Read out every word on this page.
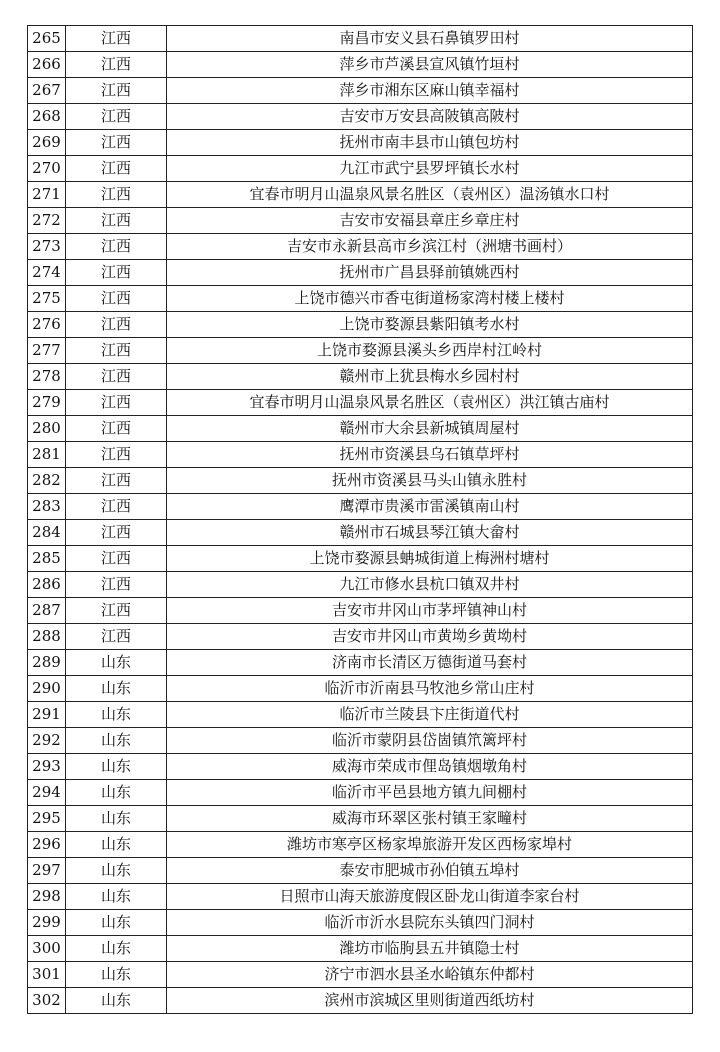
265	江西	南昌市安义县石鼻镇罗田村
266	江西	萍乡市芦溪县宣风镇竹垣村
267	江西	萍乡市湘东区麻山镇幸福村
268	江西	吉安市万安县高陂镇高陂村
269	江西	抚州市南丰县市山镇包坊村
270	江西	九江市武宁县罗坪镇长水村
271	江西	宜春市明月山温泉风景名胜区（袁州区）温汤镇水口村
272	江西	吉安市安福县章庄乡章庄村
273	江西	吉安市永新县高市乡滨江村（洲塘书画村）
274	江西	抚州市广昌县驿前镇姚西村
275	江西	上饶市德兴市香屯街道杨家湾村楼上楼村
276	江西	上饶市婺源县紫阳镇考水村
277	江西	上饶市婺源县溪头乡西岸村江岭村
278	江西	赣州市上犹县梅水乡园村村
279	江西	宜春市明月山温泉风景名胜区（袁州区）洪江镇古庙村
280	江西	赣州市大余县新城镇周屋村
281	江西	抚州市资溪县乌石镇草坪村
282	江西	抚州市资溪县马头山镇永胜村
283	江西	鹰潭市贵溪市雷溪镇南山村
284	江西	赣州市石城县琴江镇大畲村
285	江西	上饶市婺源县蚺城街道上梅洲村塘村
286	江西	九江市修水县杭口镇双井村
287	江西	吉安市井冈山市茅坪镇神山村
288	江西	吉安市井冈山市黄坳乡黄坳村
289	山东	济南市长清区万德街道马套村
290	山东	临沂市沂南县马牧池乡常山庄村
291	山东	临沂市兰陵县卞庄街道代村
292	山东	临沂市蒙阴县岱崮镇笊篱坪村
293	山东	威海市荣成市俚岛镇烟墩角村
294	山东	临沂市平邑县地方镇九间棚村
295	山东	威海市环翠区张村镇王家疃村
296	山东	潍坊市寒亭区杨家埠旅游开发区西杨家埠村
297	山东	泰安市肥城市孙伯镇五埠村
298	山东	日照市山海天旅游度假区卧龙山街道李家台村
299	山东	临沂市沂水县院东头镇四门洞村
300	山东	潍坊市临朐县五井镇隐士村
301	山东	济宁市泗水县圣水峪镇东仲都村
302	山东	滨州市滨城区里则街道西纸坊村
